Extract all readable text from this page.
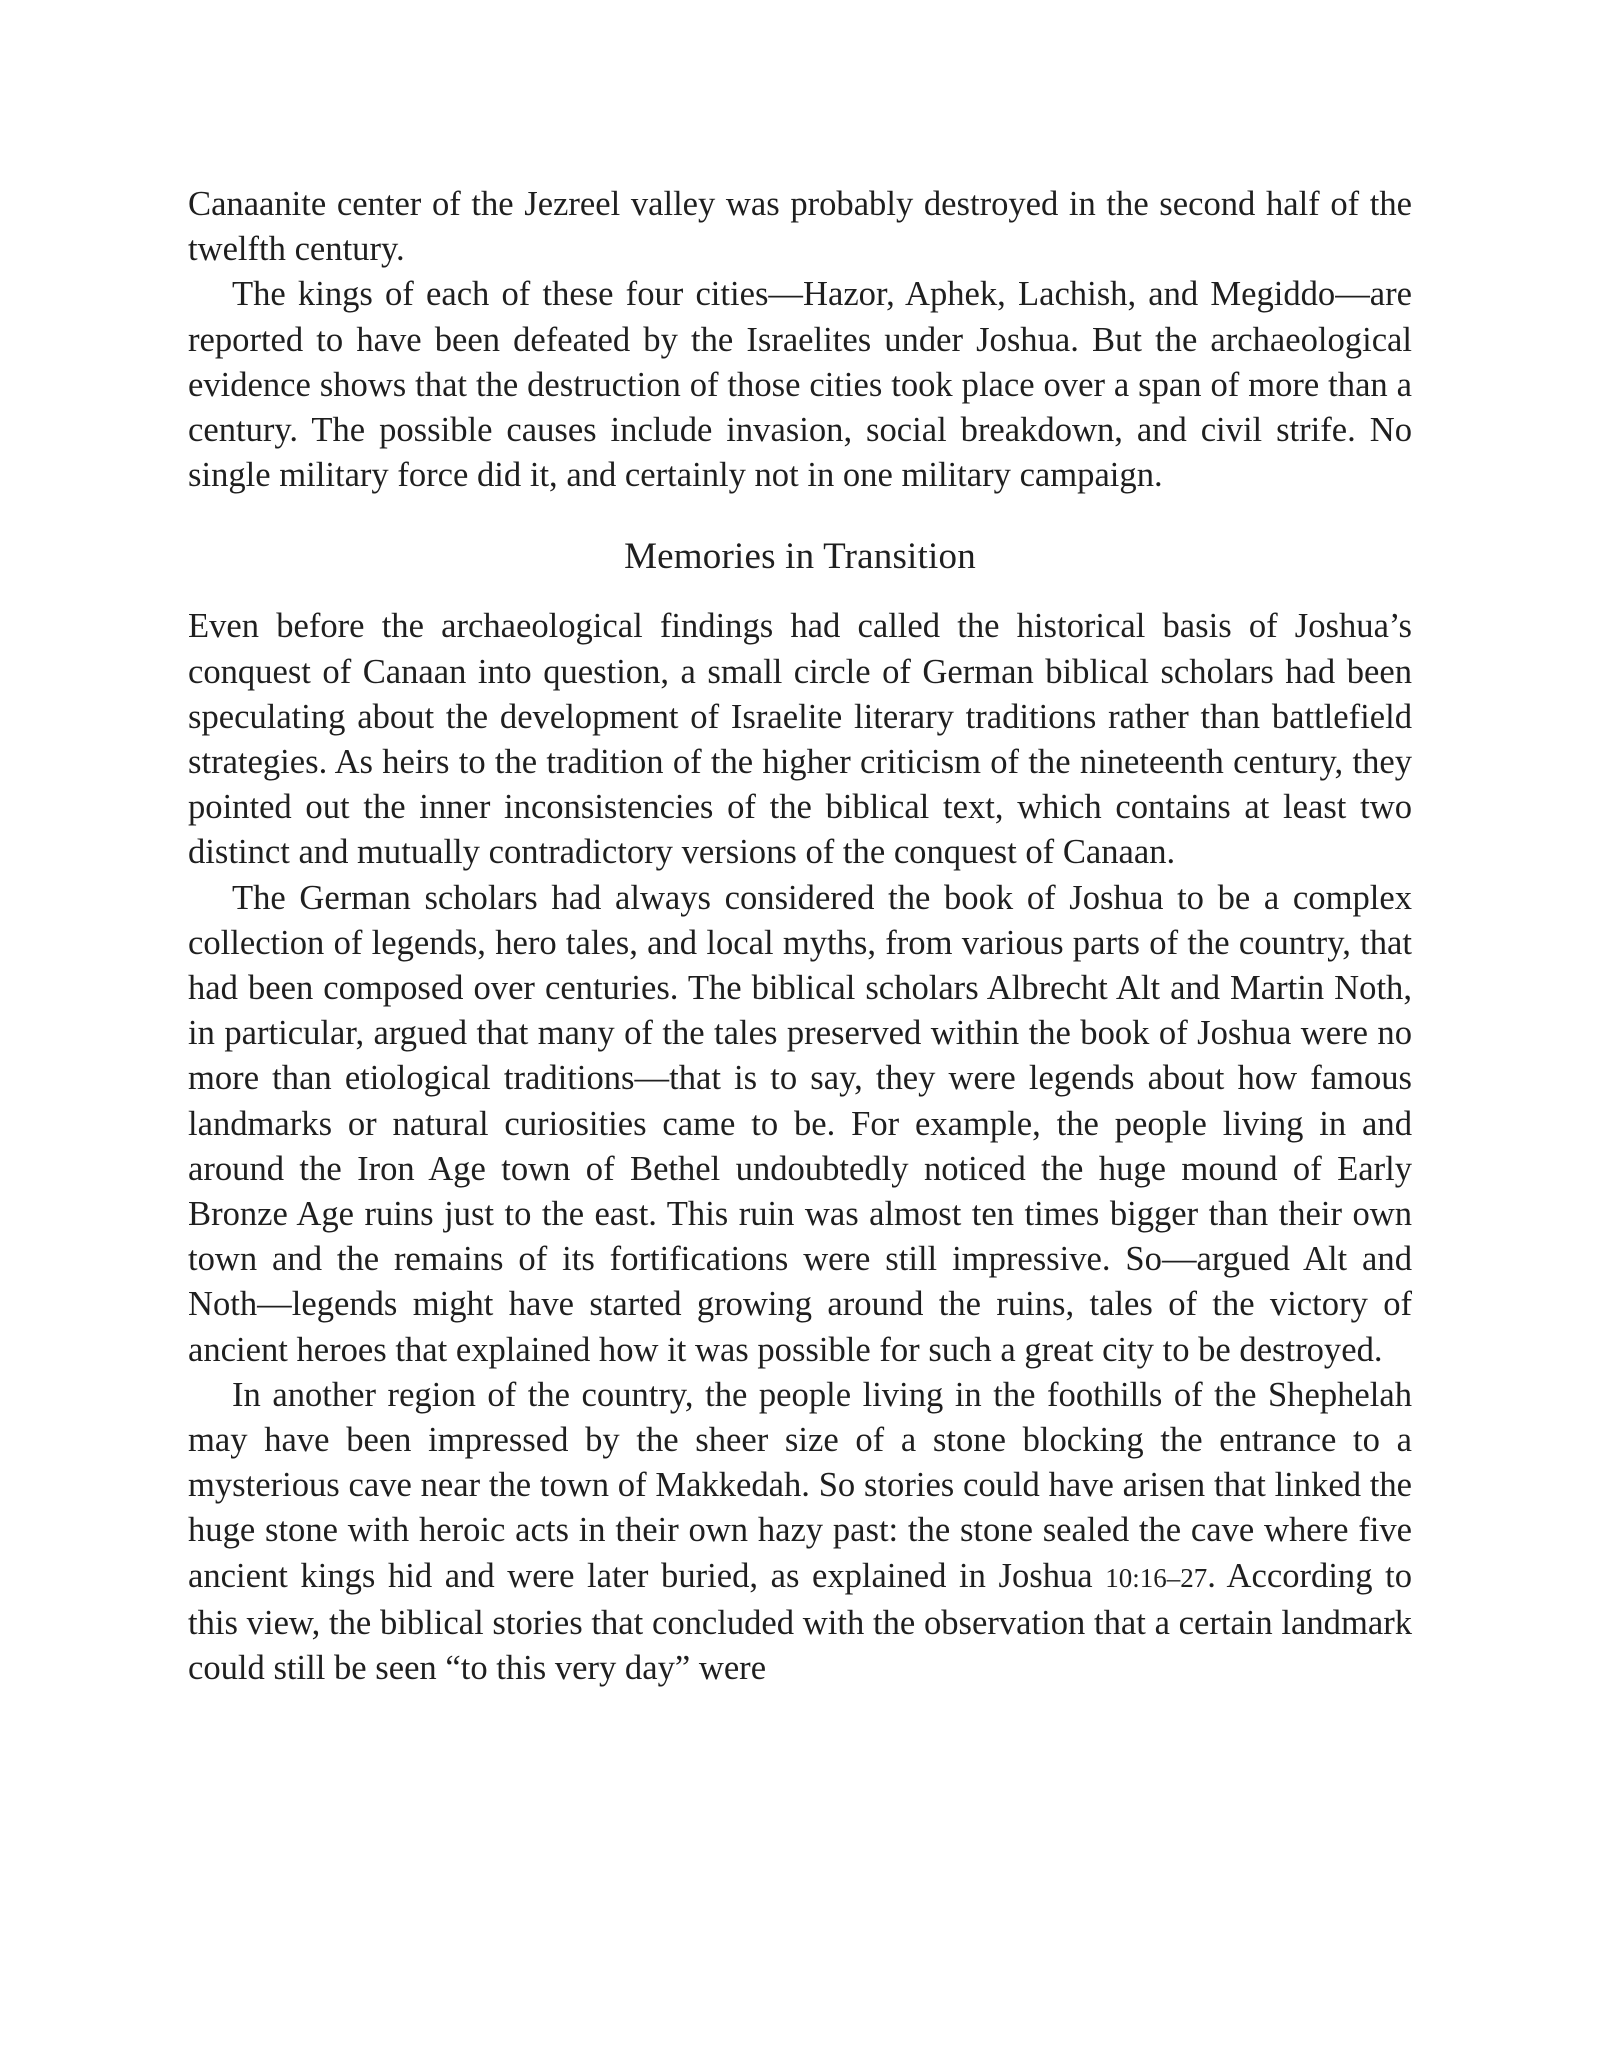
Canaanite center of the Jezreel valley was probably destroyed in the second half of the twelfth century.

The kings of each of these four cities—Hazor, Aphek, Lachish, and Megiddo—are reported to have been defeated by the Israelites under Joshua. But the archaeological evidence shows that the destruction of those cities took place over a span of more than a century. The possible causes include invasion, social breakdown, and civil strife. No single military force did it, and certainly not in one military campaign.

Memories in Transition

Even before the archaeological findings had called the historical basis of Joshua’s conquest of Canaan into question, a small circle of German biblical scholars had been speculating about the development of Israelite literary traditions rather than battlefield strategies. As heirs to the tradition of the higher criticism of the nineteenth century, they pointed out the inner inconsistencies of the biblical text, which contains at least two distinct and mutually contradictory versions of the conquest of Canaan.

The German scholars had always considered the book of Joshua to be a complex collection of legends, hero tales, and local myths, from various parts of the country, that had been composed over centuries. The biblical scholars Albrecht Alt and Martin Noth, in particular, argued that many of the tales preserved within the book of Joshua were no more than etiological traditions—that is to say, they were legends about how famous landmarks or natural curiosities came to be. For example, the people living in and around the Iron Age town of Bethel undoubtedly noticed the huge mound of Early Bronze Age ruins just to the east. This ruin was almost ten times bigger than their own town and the remains of its fortifications were still impressive. So—argued Alt and Noth—legends might have started growing around the ruins, tales of the victory of ancient heroes that explained how it was possible for such a great city to be destroyed.

In another region of the country, the people living in the foothills of the Shephelah may have been impressed by the sheer size of a stone blocking the entrance to a mysterious cave near the town of Makkedah. So stories could have arisen that linked the huge stone with heroic acts in their own hazy past: the stone sealed the cave where five ancient kings hid and were later buried, as explained in Joshua 10:16–27. According to this view, the biblical stories that concluded with the observation that a certain landmark could still be seen “to this very day” were
